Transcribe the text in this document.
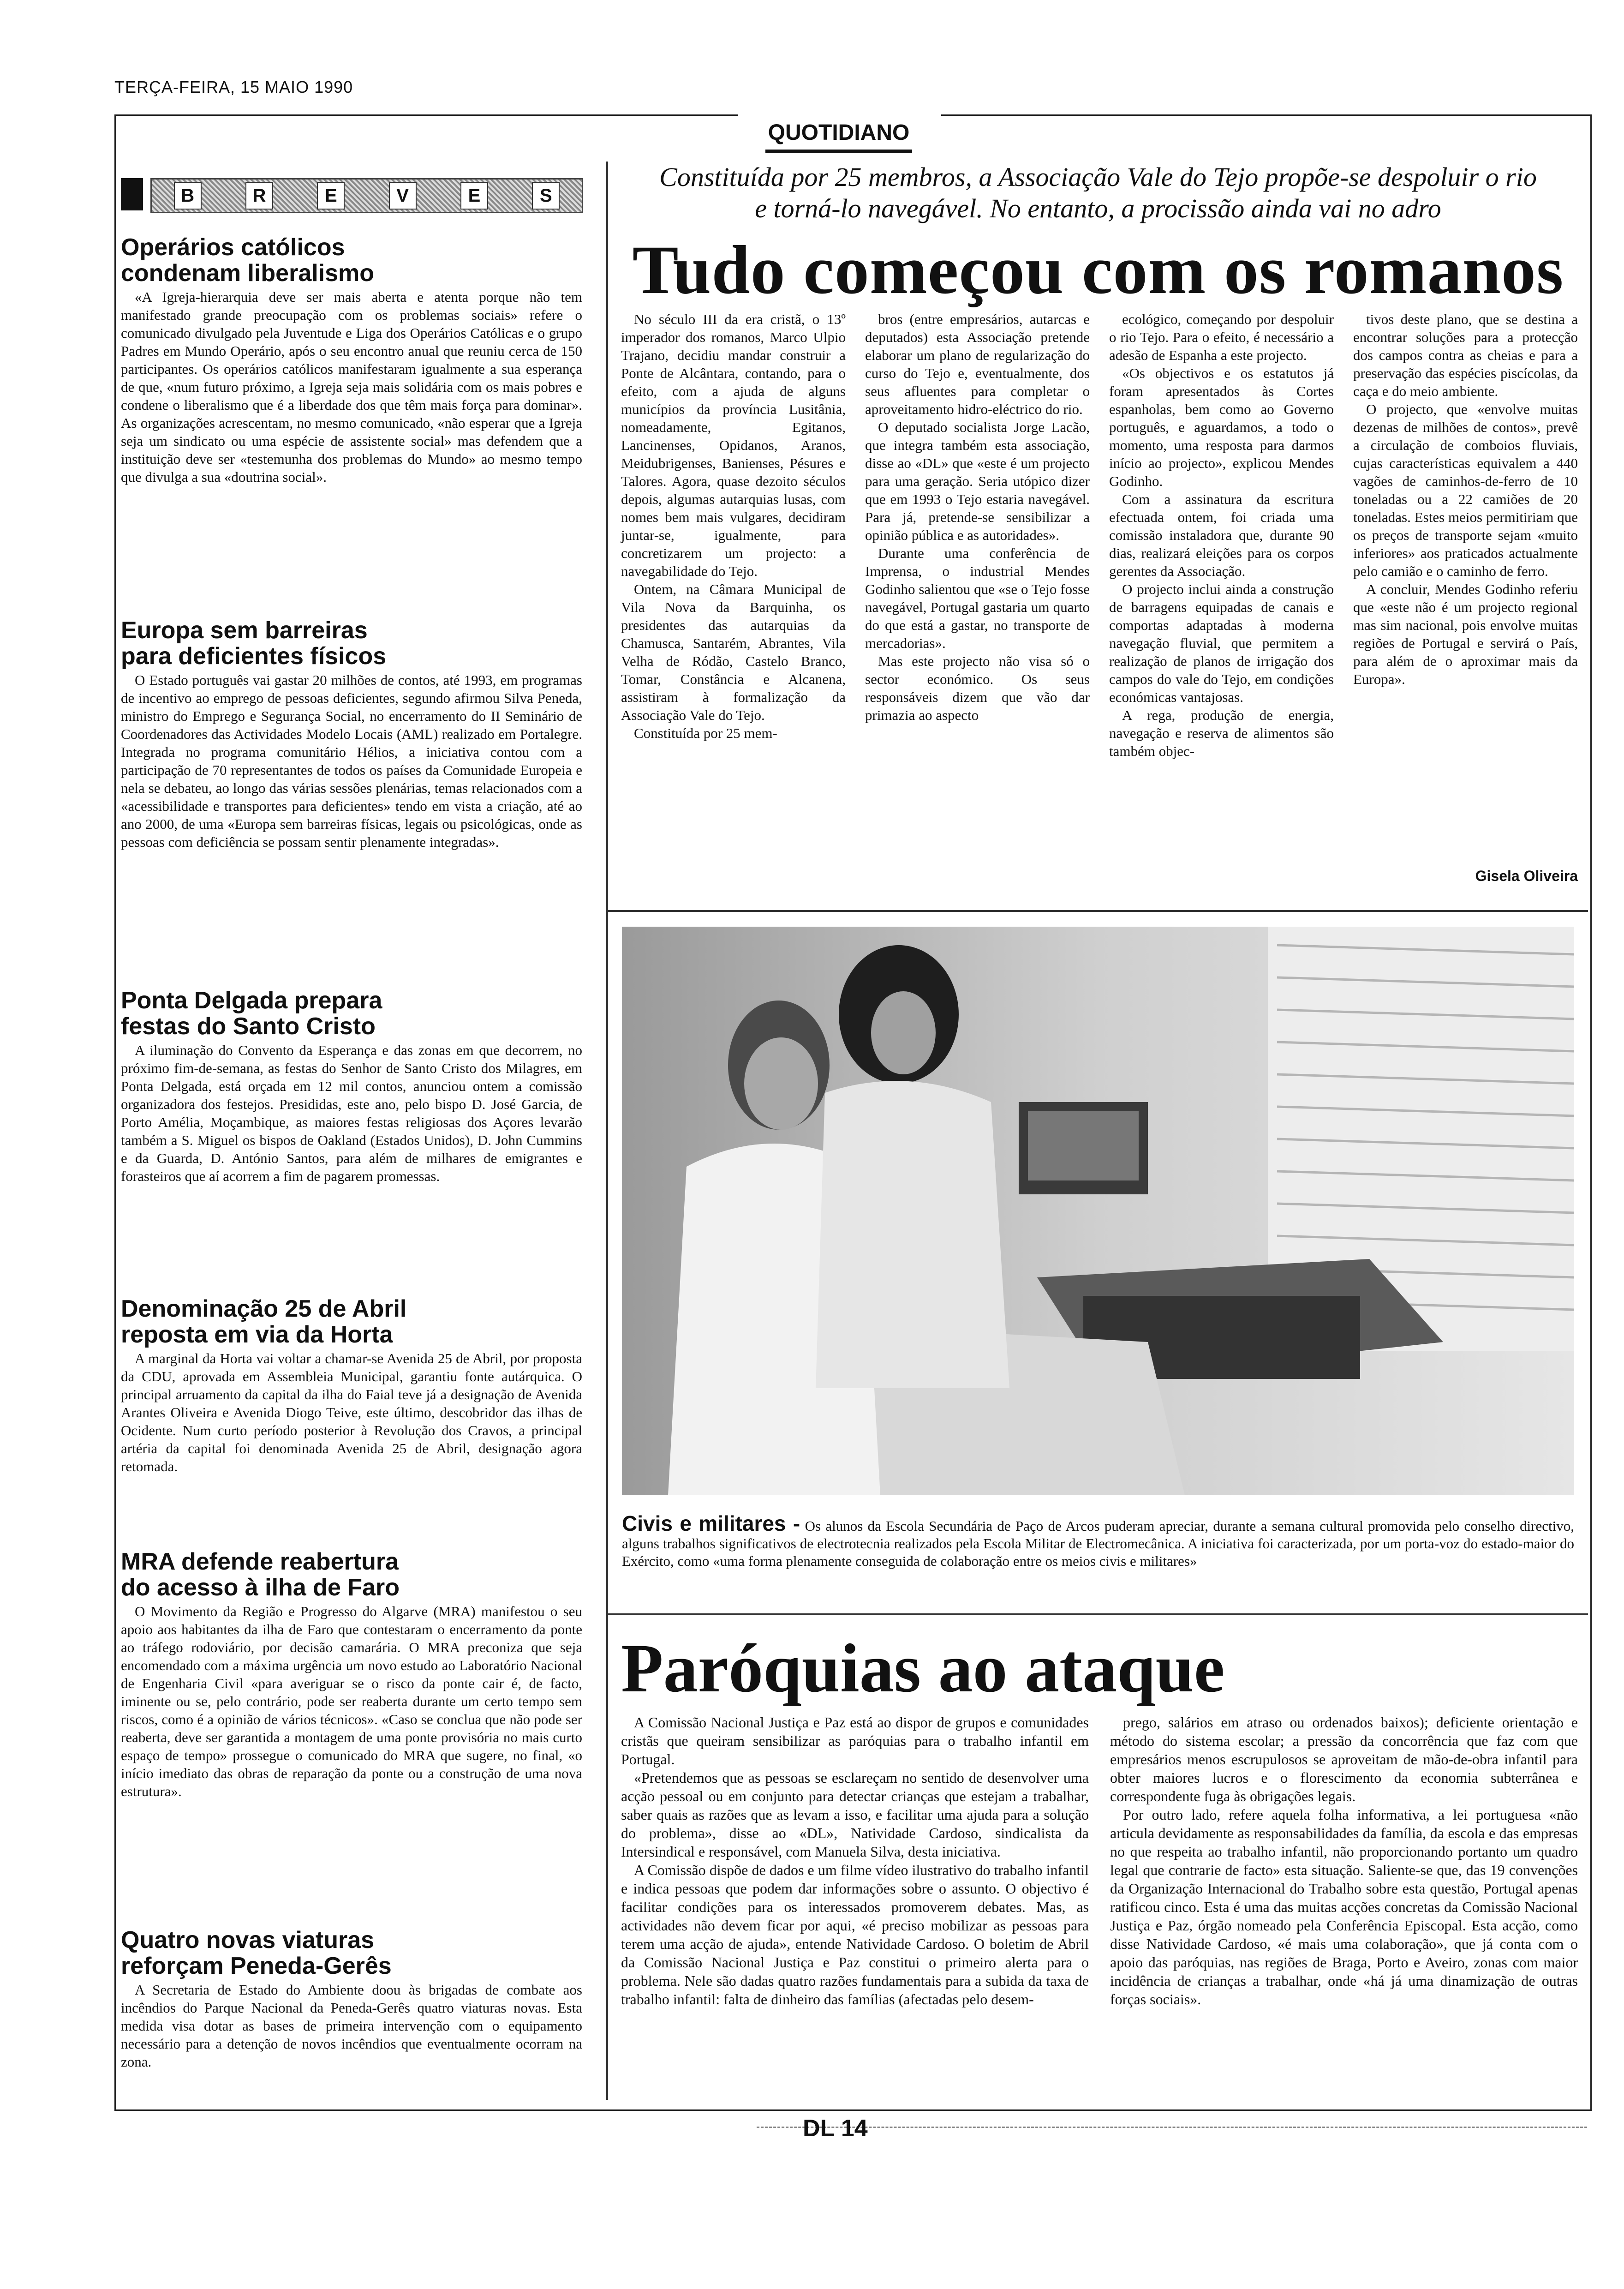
TERÇA-FEIRA, 15 MAIO 1990
QUOTIDIANO
B	R	E	V	E	S
Operários católicos
condenam liberalismo

«A Igreja-hierarquia deve ser mais aberta e atenta porque não tem manifestado grande preocupação com os problemas sociais» refere o comunicado divulgado pela Juventude e Liga dos Operários Católicas e o grupo Padres em Mundo Operário, após o seu encontro anual que reuniu cerca de 150 participantes. Os operários católicos manifestaram igualmente a sua esperança de que, «num futuro próximo, a Igreja seja mais solidária com os mais pobres e condene o liberalismo que é a liberdade dos que têm mais força para dominar». As organizações acrescentam, no mesmo comunicado, «não esperar que a Igreja seja um sindicato ou uma espécie de assistente social» mas defendem que a instituição deve ser «testemunha dos problemas do Mundo» ao mesmo tempo que divulga a sua «doutrina social».

Europa sem barreiras
para deficientes físicos

O Estado português vai gastar 20 milhões de contos, até 1993, em programas de incentivo ao emprego de pessoas deficientes, segundo afirmou Silva Peneda, ministro do Emprego e Segurança Social, no encerramento do II Seminário de Coordenadores das Actividades Modelo Locais (AML) realizado em Portalegre. Integrada no programa comunitário Hélios, a iniciativa contou com a participação de 70 representantes de todos os países da Comunidade Europeia e nela se debateu, ao longo das várias sessões plenárias, temas relacionados com a «acessibilidade e transportes para deficientes» tendo em vista a criação, até ao ano 2000, de uma «Europa sem barreiras físicas, legais ou psicológicas, onde as pessoas com deficiência se possam sentir plenamente integradas».

Ponta Delgada prepara
festas do Santo Cristo

A iluminação do Convento da Esperança e das zonas em que decorrem, no próximo fim-de-semana, as festas do Senhor de Santo Cristo dos Milagres, em Ponta Delgada, está orçada em 12 mil contos, anunciou ontem a comissão organizadora dos festejos. Presididas, este ano, pelo bispo D. José Garcia, de Porto Amélia, Moçambique, as maiores festas religiosas dos Açores levarão também a S. Miguel os bispos de Oakland (Estados Unidos), D. John Cummins e da Guarda, D. António Santos, para além de milhares de emigrantes e forasteiros que aí acorrem a fim de pagarem promessas.

Denominação 25 de Abril
reposta em via da Horta

A marginal da Horta vai voltar a chamar-se Avenida 25 de Abril, por proposta da CDU, aprovada em Assembleia Municipal, garantiu fonte autárquica. O principal arruamento da capital da ilha do Faial teve já a designação de Avenida Arantes Oliveira e Avenida Diogo Teive, este último, descobridor das ilhas de Ocidente. Num curto período posterior à Revolução dos Cravos, a principal artéria da capital foi denominada Avenida 25 de Abril, designação agora retomada.

MRA defende reabertura
do acesso à ilha de Faro

O Movimento da Região e Progresso do Algarve (MRA) manifestou o seu apoio aos habitantes da ilha de Faro que contestaram o encerramento da ponte ao tráfego rodoviário, por decisão camarária. O MRA preconiza que seja encomendado com a máxima urgência um novo estudo ao Laboratório Nacional de Engenharia Civil «para averiguar se o risco da ponte cair é, de facto, iminente ou se, pelo contrário, pode ser reaberta durante um certo tempo sem riscos, como é a opinião de vários técnicos». «Caso se conclua que não pode ser reaberta, deve ser garantida a montagem de uma ponte provisória no mais curto espaço de tempo» prossegue o comunicado do MRA que sugere, no final, «o início imediato das obras de reparação da ponte ou a construção de uma nova estrutura».

Quatro novas viaturas
reforçam Peneda-Gerês

A Secretaria de Estado do Ambiente doou às brigadas de combate aos incêndios do Parque Nacional da Peneda-Gerês quatro viaturas novas. Esta medida visa dotar as bases de primeira intervenção com o equipamento necessário para a detenção de novos incêndios que eventualmente ocorram na zona.

Constituída por 25 membros, a Associação Vale do Tejo propõe-se despoluir o rio
e torná-lo navegável. No entanto, a procissão ainda vai no adro
Tudo começou com os romanos

No século III da era cristã, o 13º imperador dos romanos, Marco Ulpio Trajano, decidiu mandar construir a Ponte de Alcântara, contando, para o efeito, com a ajuda de alguns municípios da província Lusitânia, nomeadamente, Egitanos, Lancinenses, Opidanos, Aranos, Meidubrigenses, Banienses, Pésures e Talores. Agora, quase dezoito séculos depois, algumas autarquias lusas, com nomes bem mais vulgares, decidiram juntar-se, igualmente, para concretizarem um projecto: a navegabilidade do Tejo.

Ontem, na Câmara Municipal de Vila Nova da Barquinha, os presidentes das autarquias da Chamusca, Santarém, Abrantes, Vila Velha de Ródão, Castelo Branco, Tomar, Constância e Alcanena, assistiram à formalização da Associação Vale do Tejo.

Constituída por 25 mem-

bros (entre empresários, autarcas e deputados) esta Associação pretende elaborar um plano de regularização do curso do Tejo e, eventualmente, dos seus afluentes para completar o aproveitamento hidro-eléctrico do rio.

O deputado socialista Jorge Lacão, que integra também esta associação, disse ao «DL» que «este é um projecto para uma geração. Seria utópico dizer que em 1993 o Tejo estaria navegável. Para já, pretende-se sensibilizar a opinião pública e as autoridades».

Durante uma conferência de Imprensa, o industrial Mendes Godinho salientou que «se o Tejo fosse navegável, Portugal gastaria um quarto do que está a gastar, no transporte de mercadorias».

Mas este projecto não visa só o sector económico. Os seus responsáveis dizem que vão dar primazia ao aspecto

ecológico, começando por despoluir o rio Tejo. Para o efeito, é necessário a adesão de Espanha a este projecto.

«Os objectivos e os estatutos já foram apresentados às Cortes espanholas, bem como ao Governo português, e aguardamos, a todo o momento, uma resposta para darmos início ao projecto», explicou Mendes Godinho.

Com a assinatura da escritura efectuada ontem, foi criada uma comissão instaladora que, durante 90 dias, realizará eleições para os corpos gerentes da Associação.

O projecto inclui ainda a construção de barragens equipadas de canais e comportas adaptadas à moderna navegação fluvial, que permitem a realização de planos de irrigação dos campos do vale do Tejo, em condições económicas vantajosas.

A rega, produção de energia, navegação e reserva de alimentos são também objec-

tivos deste plano, que se destina a encontrar soluções para a protecção dos campos contra as cheias e para a preservação das espécies piscícolas, da caça e do meio ambiente.

O projecto, que «envolve muitas dezenas de milhões de contos», prevê a circulação de comboios fluviais, cujas características equivalem a 440 vagões de caminhos-de-ferro de 10 toneladas ou a 22 camiões de 20 toneladas. Estes meios permitiriam que os preços de transporte sejam «muito inferiores» aos praticados actualmente pelo camião e o caminho de ferro.

A concluir, Mendes Godinho referiu que «este não é um projecto regional mas sim nacional, pois envolve muitas regiões de Portugal e servirá o País, para além de o aproximar mais da Europa».

Gisela Oliveira
Civis e militares - Os alunos da Escola Secundária de Paço de Arcos puderam apreciar, durante a semana cultural promovida pelo conselho directivo, alguns trabalhos significativos de electrotecnia realizados pela Escola Militar de Electromecânica. A iniciativa foi caracterizada, por um porta-voz do estado-maior do Exército, como «uma forma plenamente conseguida de colaboração entre os meios civis e militares»
Paróquias ao ataque

A Comissão Nacional Justiça e Paz está ao dispor de grupos e comunidades cristãs que queiram sensibilizar as paróquias para o trabalho infantil em Portugal.

«Pretendemos que as pessoas se esclareçam no sentido de desenvolver uma acção pessoal ou em conjunto para detectar crianças que estejam a trabalhar, saber quais as razões que as levam a isso, e facilitar uma ajuda para a solução do problema», disse ao «DL», Natividade Cardoso, sindicalista da Intersindical e responsável, com Manuela Silva, desta iniciativa.

A Comissão dispõe de dados e um filme vídeo ilustrativo do trabalho infantil e indica pessoas que podem dar informações sobre o assunto. O objectivo é facilitar condições para os interessados promoverem debates. Mas, as actividades não devem ficar por aqui, «é preciso mobilizar as pessoas para terem uma acção de ajuda», entende Natividade Cardoso. O boletim de Abril da Comissão Nacional Justiça e Paz constitui o primeiro alerta para o problema. Nele são dadas quatro razões fundamentais para a subida da taxa de trabalho infantil: falta de dinheiro das famílias (afectadas pelo desem-

prego, salários em atraso ou ordenados baixos); deficiente orientação e método do sistema escolar; a pressão da concorrência que faz com que empresários menos escrupulosos se aproveitam de mão-de-obra infantil para obter maiores lucros e o florescimento da economia subterrânea e correspondente fuga às obrigações legais.

Por outro lado, refere aquela folha informativa, a lei portuguesa «não articula devidamente as responsabilidades da família, da escola e das empresas no que respeita ao trabalho infantil, não proporcionando portanto um quadro legal que contrarie de facto» esta situação. Saliente-se que, das 19 convenções da Organização Internacional do Trabalho sobre esta questão, Portugal apenas ratificou cinco. Esta é uma das muitas acções concretas da Comissão Nacional Justiça e Paz, órgão nomeado pela Conferência Episcopal. Esta acção, como disse Natividade Cardoso, «é mais uma colaboração», que já conta com o apoio das paróquias, nas regiões de Braga, Porto e Aveiro, zonas com maior incidência de crianças a trabalhar, onde «há já uma dinamização de outras forças sociais».

DL 14
